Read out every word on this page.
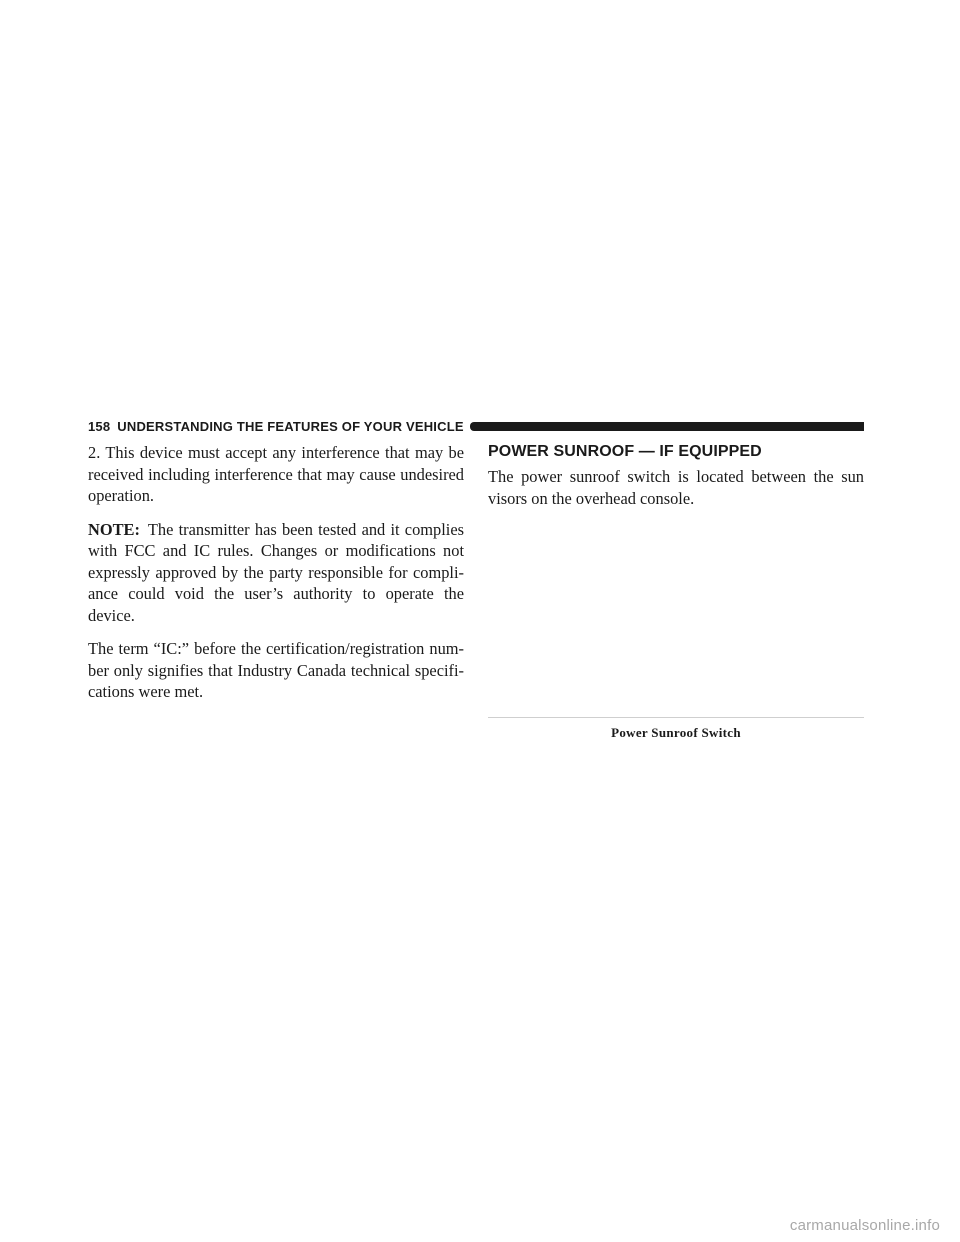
158 UNDERSTANDING THE FEATURES OF YOUR VEHICLE

2. This device must accept any interference that may be received including interference that may cause undesired operation.

NOTE: The transmitter has been tested and it complies with FCC and IC rules. Changes or modifications not expressly approved by the party responsible for compli-ance could void the user’s authority to operate the device.

The term “IC:” before the certification/registration num-ber only signifies that Industry Canada technical specifi-cations were met.

POWER SUNROOF — IF EQUIPPED

The power sunroof switch is located between the sun visors on the overhead console.

Power Sunroof Switch
carmanualsonline.info
